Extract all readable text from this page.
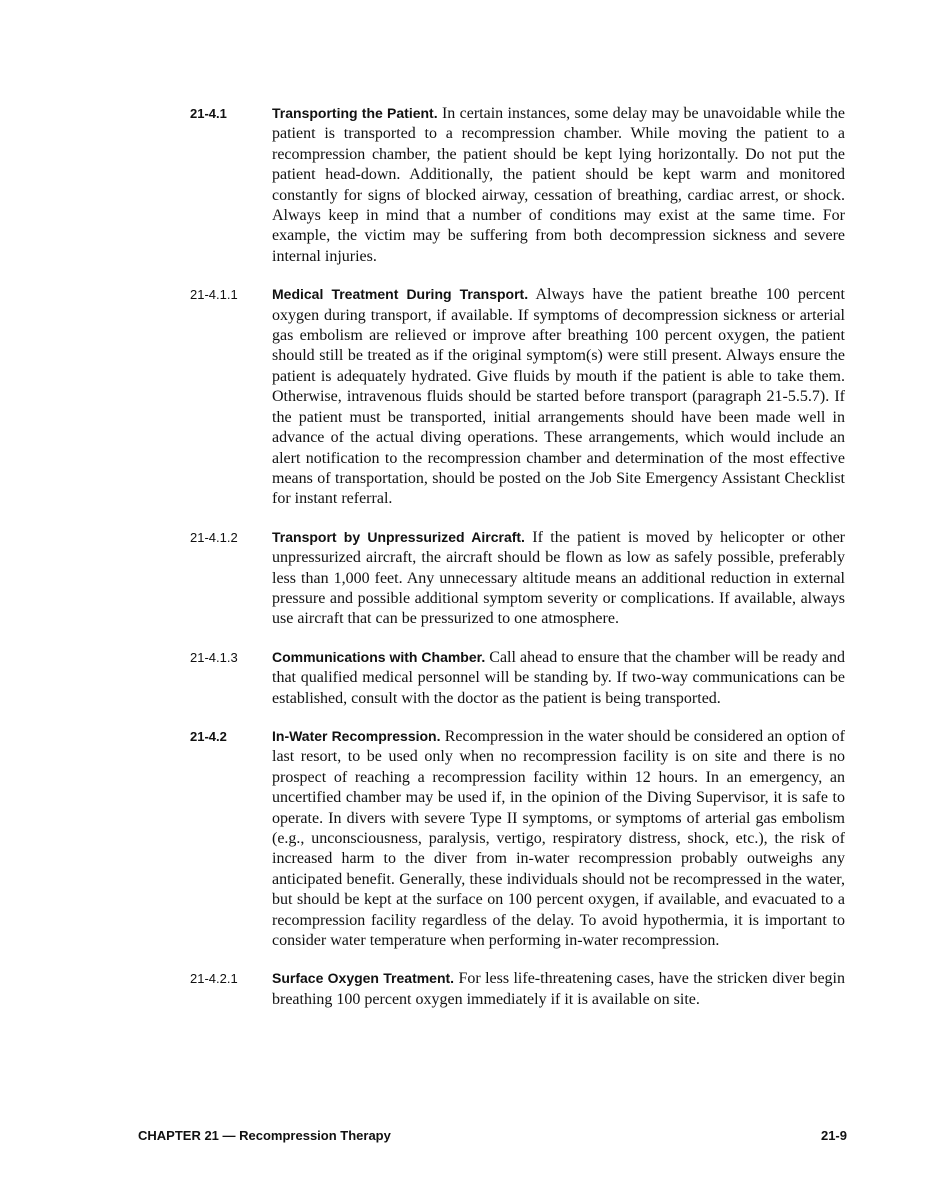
21-4.1	Transporting the Patient. In certain instances, some delay may be unavoidable while the patient is transported to a recompression chamber. While moving the patient to a recompression chamber, the patient should be kept lying horizontally. Do not put the patient head-down. Additionally, the patient should be kept warm and monitored constantly for signs of blocked airway, cessation of breathing, cardiac arrest, or shock. Always keep in mind that a number of conditions may exist at the same time. For example, the victim may be suffering from both decompression sickness and severe internal injuries.
21-4.1.1	Medical Treatment During Transport. Always have the patient breathe 100 percent oxygen during transport, if available. If symptoms of decompression sickness or arterial gas embolism are relieved or improve after breathing 100 percent oxygen, the patient should still be treated as if the original symptom(s) were still present. Always ensure the patient is adequately hydrated. Give fluids by mouth if the patient is able to take them. Otherwise, intravenous fluids should be started before transport (paragraph 21-5.5.7). If the patient must be transported, initial arrangements should have been made well in advance of the actual diving operations. These arrangements, which would include an alert notification to the recompression chamber and determination of the most effective means of transportation, should be posted on the Job Site Emergency Assistant Checklist for instant referral.
21-4.1.2	Transport by Unpressurized Aircraft. If the patient is moved by helicopter or other unpressurized aircraft, the aircraft should be flown as low as safely possible, preferably less than 1,000 feet. Any unnecessary altitude means an additional reduction in external pressure and possible additional symptom severity or complications. If available, always use aircraft that can be pressurized to one atmosphere.
21-4.1.3	Communications with Chamber. Call ahead to ensure that the chamber will be ready and that qualified medical personnel will be standing by. If two-way communications can be established, consult with the doctor as the patient is being transported.
21-4.2	In-Water Recompression. Recompression in the water should be considered an option of last resort, to be used only when no recompression facility is on site and there is no prospect of reaching a recompression facility within 12 hours. In an emergency, an uncertified chamber may be used if, in the opinion of the Diving Supervisor, it is safe to operate. In divers with severe Type II symptoms, or symptoms of arterial gas embolism (e.g., unconsciousness, paralysis, vertigo, respiratory distress, shock, etc.), the risk of increased harm to the diver from in-water recompression probably outweighs any anticipated benefit. Generally, these individuals should not be recompressed in the water, but should be kept at the surface on 100 percent oxygen, if available, and evacuated to a recompression facility regardless of the delay. To avoid hypothermia, it is important to consider water temperature when performing in-water recompression.
21-4.2.1	Surface Oxygen Treatment. For less life-threatening cases, have the stricken diver begin breathing 100 percent oxygen immediately if it is available on site.
CHAPTER 21 — Recompression Therapy	21-9
